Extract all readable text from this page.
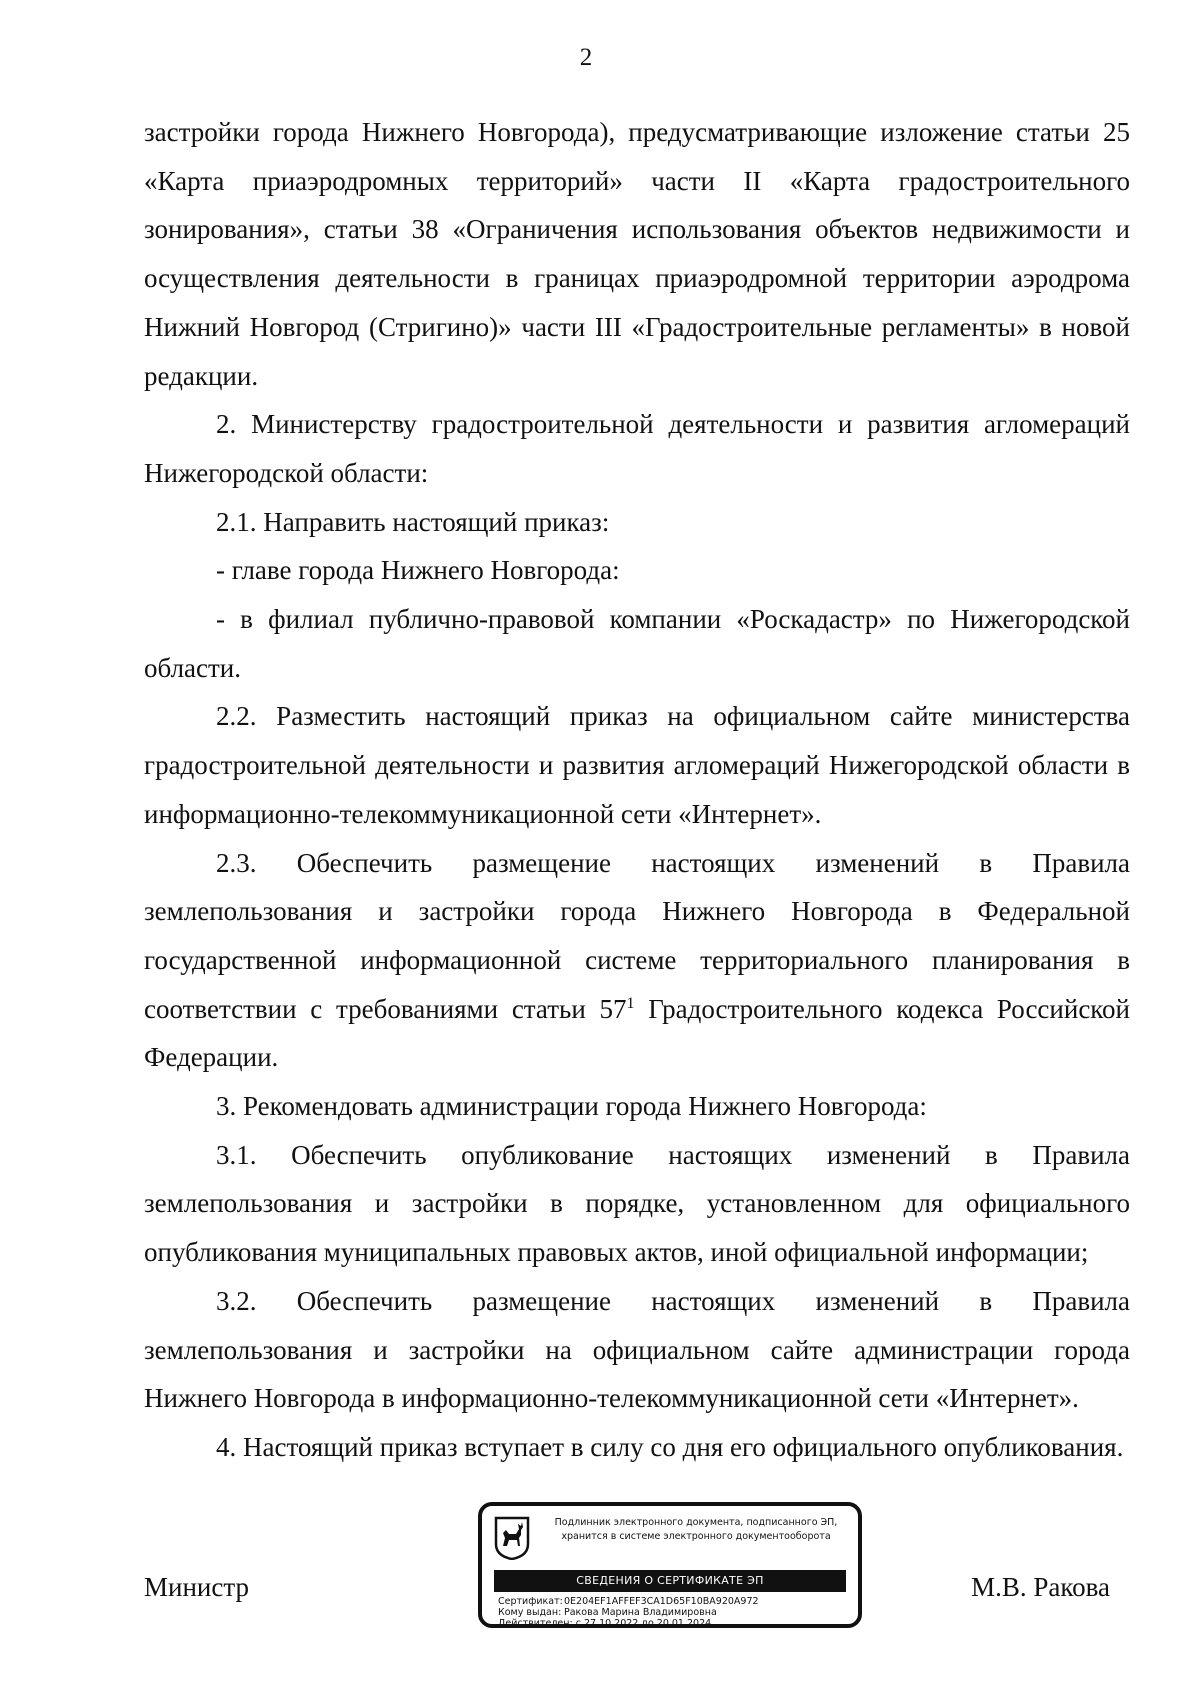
2

застройки города Нижнего Новгорода), предусматривающие изложение статьи 25 «Карта приаэродромных территорий» части II «Карта градостроительного зонирования», статьи 38 «Ограничения использования объектов недвижимости и осуществления деятельности в границах приаэродромной территории аэродрома Нижний Новгород (Стригино)» части III «Градостроительные регламенты» в новой редакции.

2. Министерству градостроительной деятельности и развития агломераций Нижегородской области:

2.1. Направить настоящий приказ:

- главе города Нижнего Новгорода:

- в филиал публично-правовой компании «Роскадастр» по Нижегородской области.

2.2. Разместить настоящий приказ на официальном сайте министерства градостроительной деятельности и развития агломераций Нижегородской области в информационно-телекоммуникационной сети «Интернет».

2.3. Обеспечить размещение настоящих изменений в Правила землепользования и застройки города Нижнего Новгорода в Федеральной государственной информационной системе территориального планирования в соответствии с требованиями статьи $57^1$ Градостроительного кодекса Российской Федерации.

3. Рекомендовать администрации города Нижнего Новгорода:

3.1. Обеспечить опубликование настоящих изменений в Правила землепользования и застройки в порядке, установленном для официального опубликования муниципальных правовых актов, иной официальной информации;

3.2. Обеспечить размещение настоящих изменений в Правила землепользования и застройки на официальном сайте администрации города Нижнего Новгорода в информационно-телекоммуникационной сети «Интернет».

4. Настоящий приказ вступает в силу со дня его официального опубликования.

Подлинник электронного документа, подписанного ЭП,
хранится в системе электронного документооборота
СВЕДЕНИЯ О СЕРТИФИКАТЕ ЭП
Сертификат:0E204EF1AFFEF3CA1D65F10BA920A972
Кому выдан: Ракова Марина Владимировна
Действителен: с 27.10.2022 до 20.01.2024
Министр	М.В. Ракова
